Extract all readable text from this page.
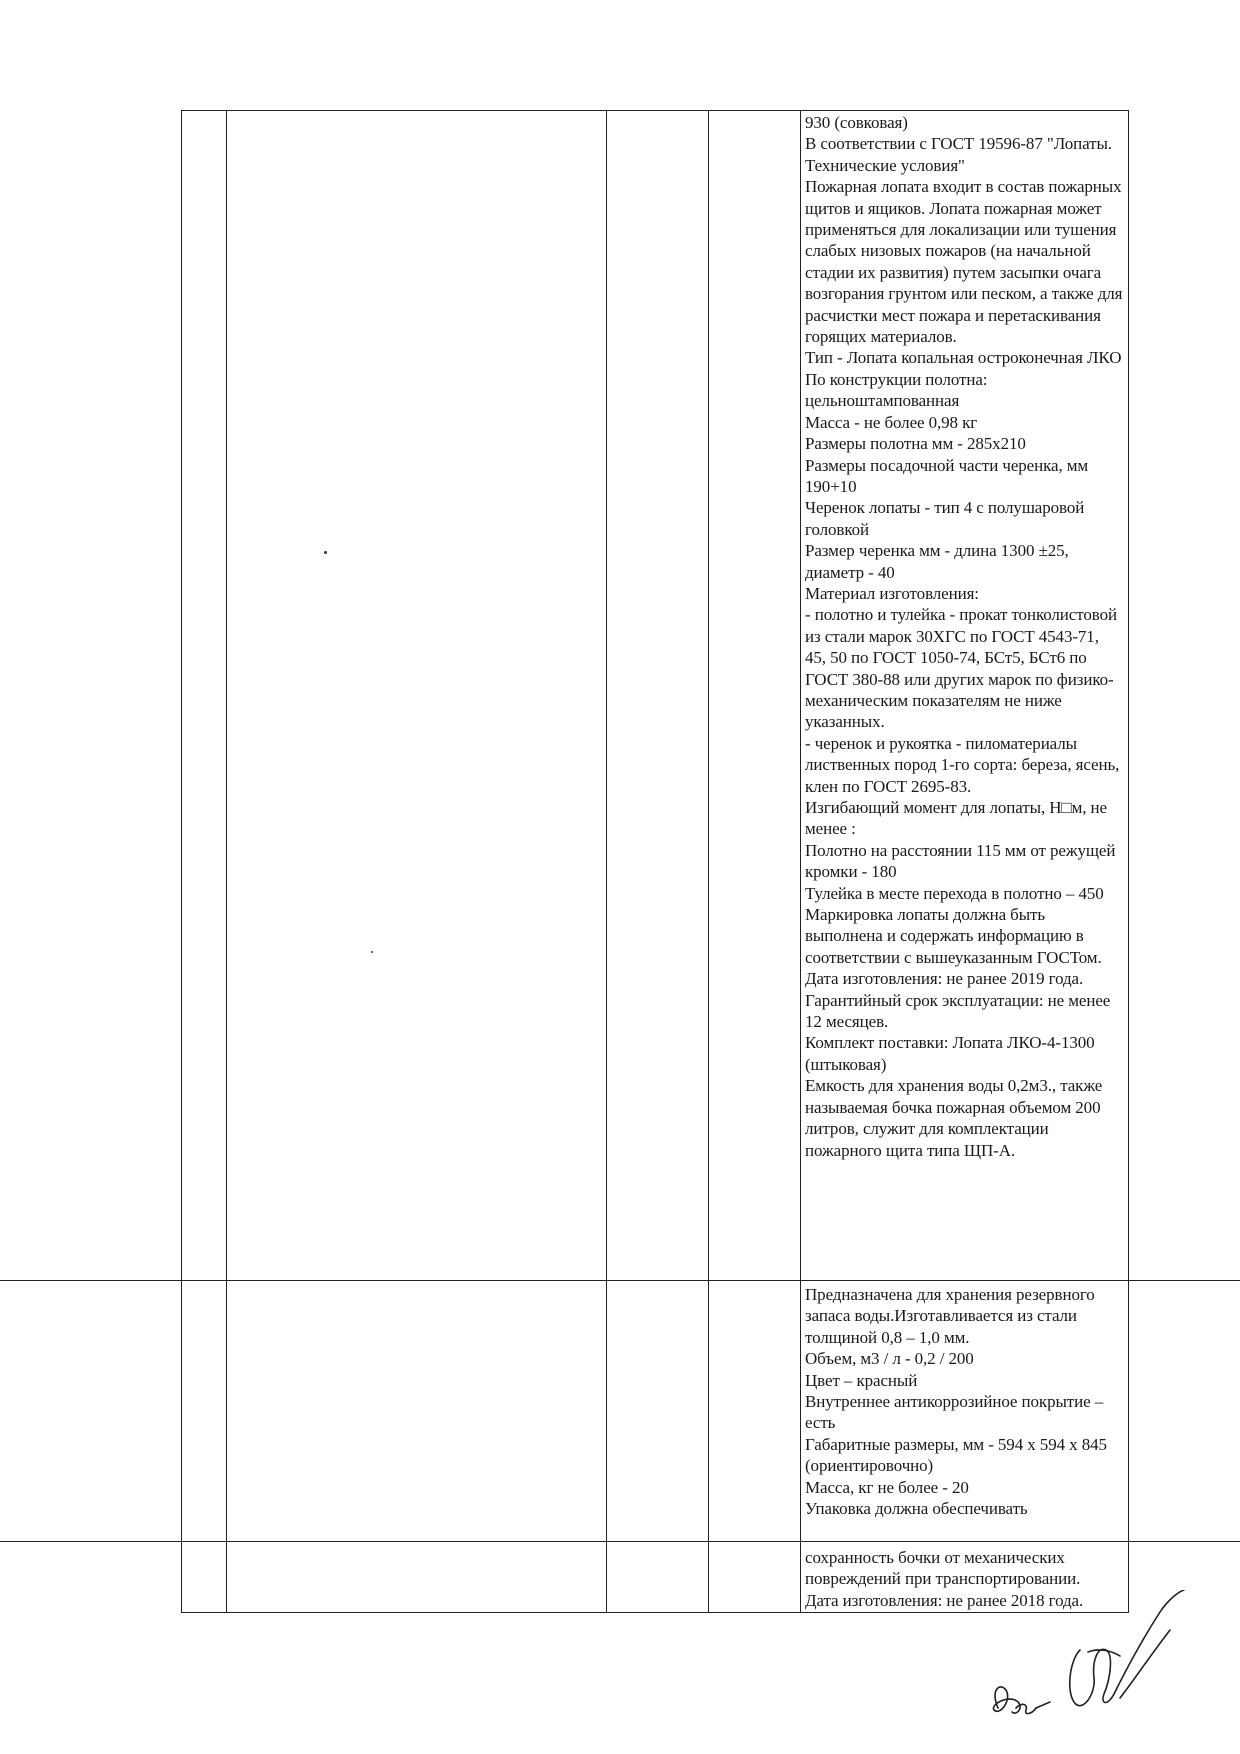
930 (совковая)
В соответствии с ГОСТ 19596-87 "Лопаты. Технические условия"
Пожарная лопата входит в состав пожарных щитов и ящиков. Лопата пожарная может применяться для локализации или тушения слабых низовых пожаров (на начальной стадии их развития) путем засыпки очага возгорания грунтом или песком, а также для расчистки мест пожара и перетаскивания горящих материалов.
Тип - Лопата копальная остроконечная ЛКО
По конструкции полотна: цельноштампованная
Масса - не более 0,98 кг
Размеры полотна мм - 285х210
Размеры посадочной части черенка, мм 190+10
Черенок лопаты - тип 4 с полушаровой головкой
Размер черенка мм - длина 1300 ±25, диаметр - 40
Материал изготовления:
- полотно и тулейка - прокат тонколистовой из стали марок 30ХГС по ГОСТ 4543-71, 45, 50 по ГОСТ 1050-74, БСт5, БСт6 по ГОСТ 380-88 или других марок по физико-механическим показателям не ниже указанных.
- черенок и рукоятка - пиломатериалы лиственных пород 1-го сорта: береза, ясень, клен по ГОСТ 2695-83.
Изгибающий момент для лопаты, Н□м, не менее :
Полотно на расстоянии 115 мм от режущей кромки - 180
Тулейка в месте перехода в полотно – 450
Маркировка лопаты должна быть выполнена и содержать информацию в соответствии с вышеуказанным ГОСТом.
Дата изготовления: не ранее 2019 года.
Гарантийный срок эксплуатации: не менее 12 месяцев.
Комплект поставки: Лопата ЛКО-4-1300 (штыковая)
Емкость для хранения воды 0,2м3., также называемая бочка пожарная объемом 200 литров, служит для комплектации пожарного щита типа ЩП-А.
Предназначена для хранения резервного запаса воды.Изготавливается из стали толщиной 0,8 – 1,0 мм.
Объем, м3 / л - 0,2 / 200
Цвет – красный
Внутреннее антикоррозийное покрытие – есть
Габаритные размеры, мм - 594 х 594 х 845 (ориентировочно)
Масса, кг не более - 20
Упаковка должна обеспечивать
сохранность бочки от механических повреждений при транспортировании.
Дата изготовления: не ранее 2018 года.
